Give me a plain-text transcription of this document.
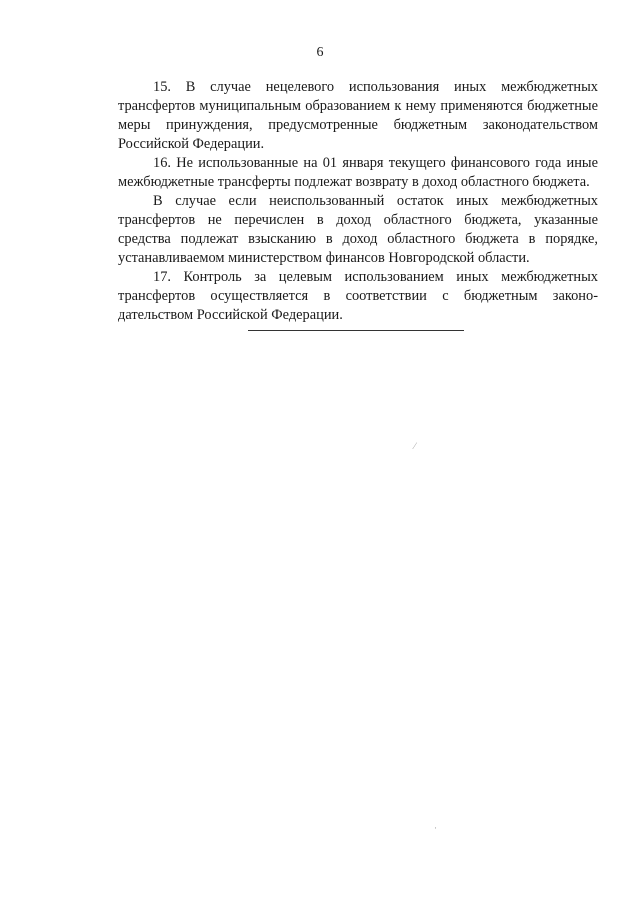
6
15. В случае нецелевого использования иных межбюджетных
трансфертов муниципальным образованием к нему применяются бюджетные
меры принуждения, предусмотренные бюджетным законодательством
Российской Федерации.
16. Не использованные на 01 января текущего финансового года иные
межбюджетные трансферты подлежат возврату в доход областного бюджета.
В случае если неиспользованный остаток иных межбюджетных
трансфертов не перечислен в доход областного бюджета, указанные
средства подлежат взысканию в доход областного бюджета в порядке,
устанавливаемом министерством финансов Новгородской области.
17. Контроль за целевым использованием иных межбюджетных
трансфертов осуществляется в соответствии с бюджетным законо-
дательством Российской Федерации.
⁄
·
